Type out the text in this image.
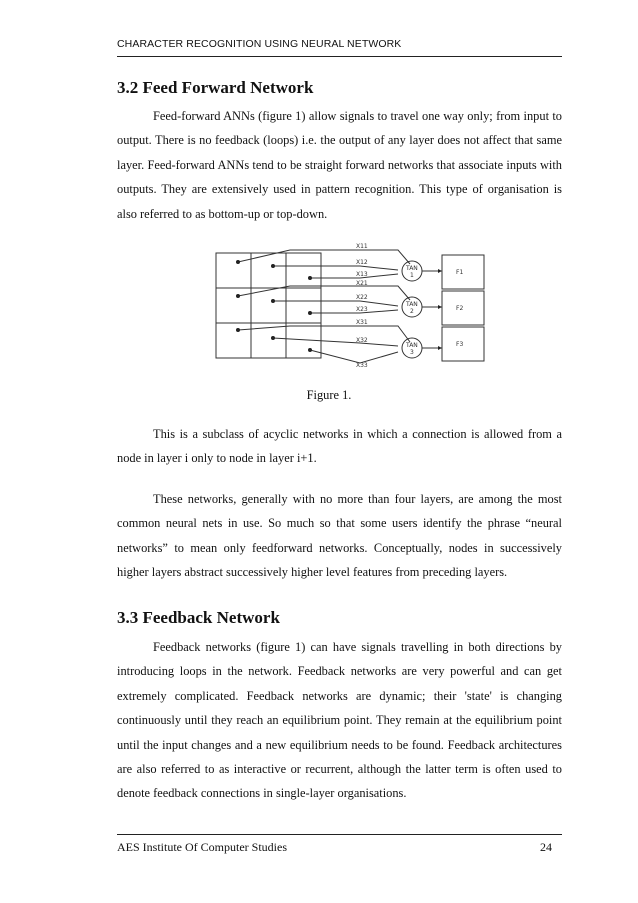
CHARACTER RECOGNITION USING NEURAL NETWORK
3.2 Feed Forward Network

Feed-forward ANNs (figure 1) allow signals to travel one way only; from input to output. There is no feedback (loops) i.e. the output of any layer does not affect that same layer. Feed-forward ANNs tend to be straight forward networks that associate inputs with outputs. They are extensively used in pattern recognition. This type of organisation is also referred to as bottom-up or top-down.

X11
X12
X13
X21
X22
X23
X31
X32
X33
TAN
1
TAN
2
TAN
3
F1
F2
F3

Figure 1.

This is a subclass of acyclic networks in which a connection is allowed from a node in layer i only to node in layer i+1.

These networks, generally with no more than four layers, are among the most common neural nets in use. So much so that some users identify the phrase “neural networks” to mean only feedforward networks. Conceptually, nodes in successively higher layers abstract successively higher level features from preceding layers.

3.3 Feedback Network

Feedback networks (figure 1) can have signals travelling in both directions by introducing loops in the network. Feedback networks are very powerful and can get extremely complicated. Feedback networks are dynamic; their 'state' is changing continuously until they reach an equilibrium point. They remain at the equilibrium point until the input changes and a new equilibrium needs to be found. Feedback architectures are also referred to as interactive or recurrent, although the latter term is often used to denote feedback connections in single-layer organisations.

AES Institute Of Computer Studies	24
